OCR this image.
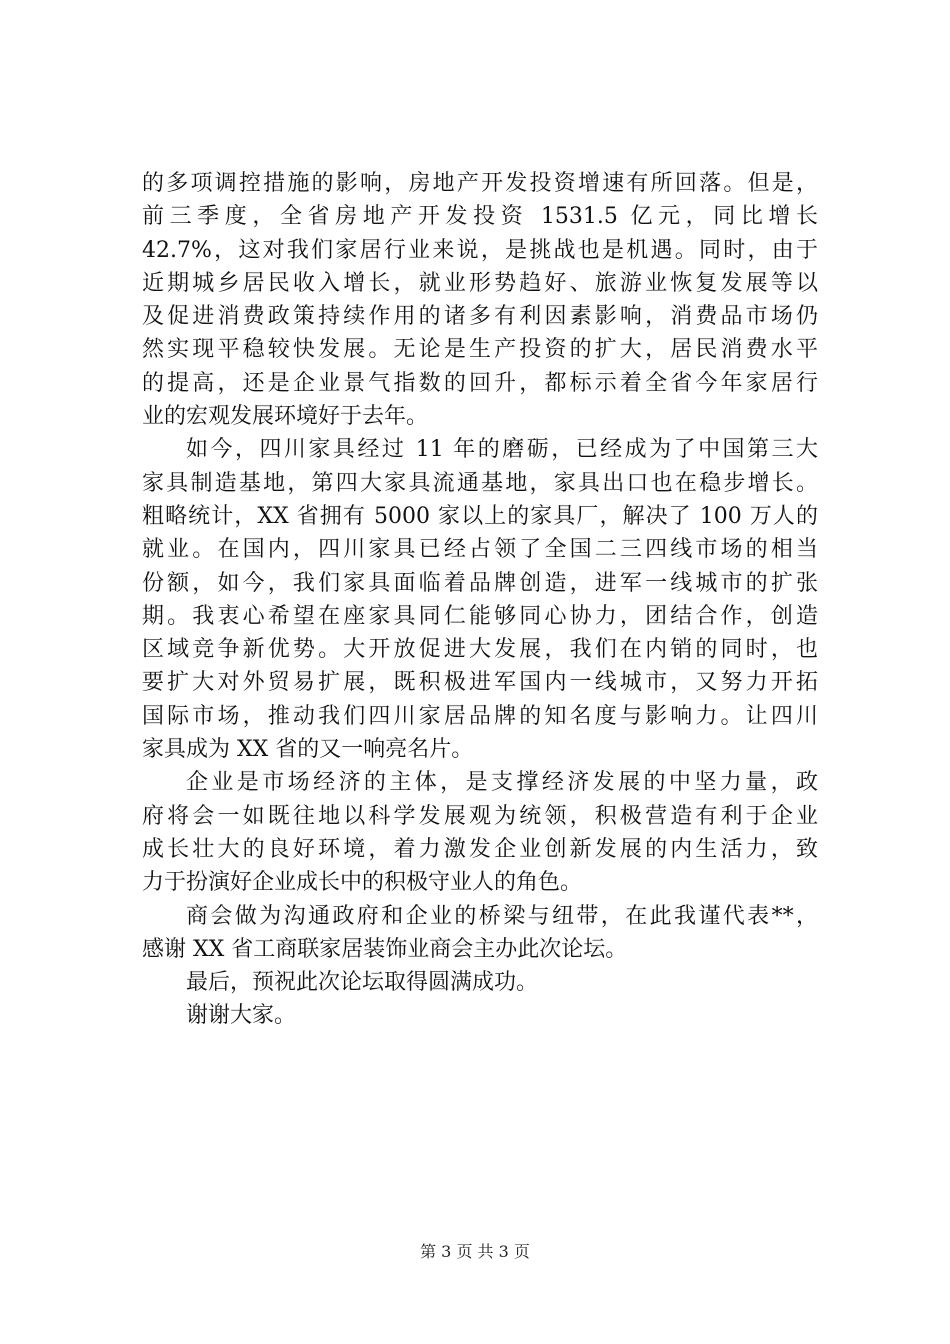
的多项调控措施的影响，房地产开发投资增速有所回落。但是，
前三季度，全省房地产开发投资 1531.5 亿元，同比增长
42.7%，这对我们家居行业来说，是挑战也是机遇。同时，由于
近期城乡居民收入增长，就业形势趋好、旅游业恢复发展等以
及促进消费政策持续作用的诸多有利因素影响，消费品市场仍
然实现平稳较快发展。无论是生产投资的扩大，居民消费水平
的提高，还是企业景气指数的回升，都标示着全省今年家居行
业的宏观发展环境好于去年。
如今，四川家具经过 11 年的磨砺，已经成为了中国第三大
家具制造基地，第四大家具流通基地，家具出口也在稳步增长。
粗略统计，XX 省拥有 5000 家以上的家具厂，解决了 100 万人的
就业。在国内，四川家具已经占领了全国二三四线市场的相当
份额，如今，我们家具面临着品牌创造，进军一线城市的扩张
期。我衷心希望在座家具同仁能够同心协力，团结合作，创造
区域竞争新优势。大开放促进大发展，我们在内销的同时，也
要扩大对外贸易扩展，既积极进军国内一线城市，又努力开拓
国际市场，推动我们四川家居品牌的知名度与影响力。让四川
家具成为 XX 省的又一响亮名片。
企业是市场经济的主体，是支撑经济发展的中坚力量，政
府将会一如既往地以科学发展观为统领，积极营造有利于企业
成长壮大的良好环境，着力激发企业创新发展的内生活力，致
力于扮演好企业成长中的积极守业人的角色。
商会做为沟通政府和企业的桥梁与纽带，在此我谨代表**，
感谢 XX 省工商联家居装饰业商会主办此次论坛。
最后，预祝此次论坛取得圆满成功。
谢谢大家。
第 3 页 共 3 页
